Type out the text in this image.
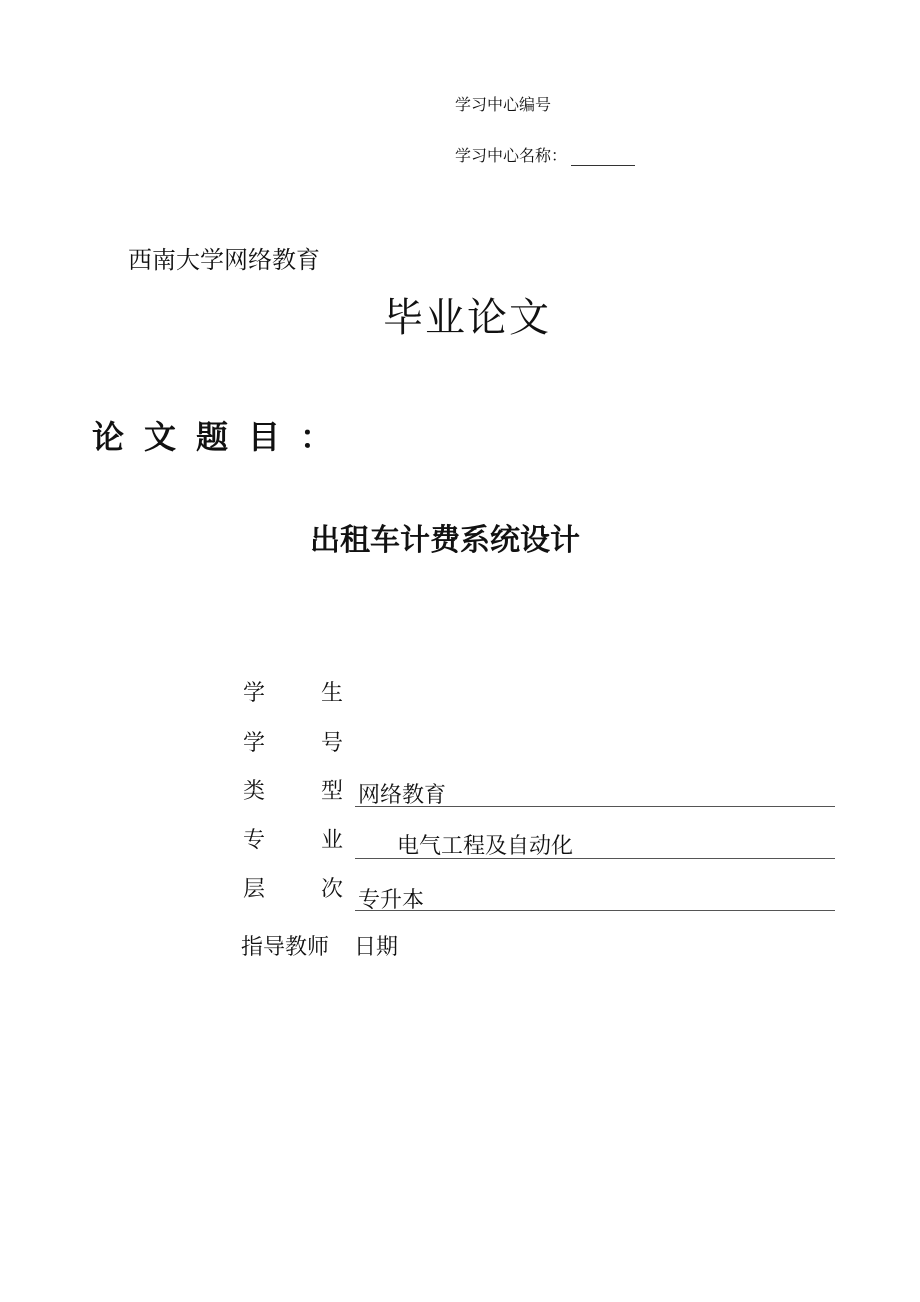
学习中心编号
学习中心名称：
西南大学网络教育
毕业论文
论文题目：
出租车计费系统设计
学	生
学	号
类	型 网络教育
专	业 电气工程及自动化
层	次 专升本
指导教师 日期
